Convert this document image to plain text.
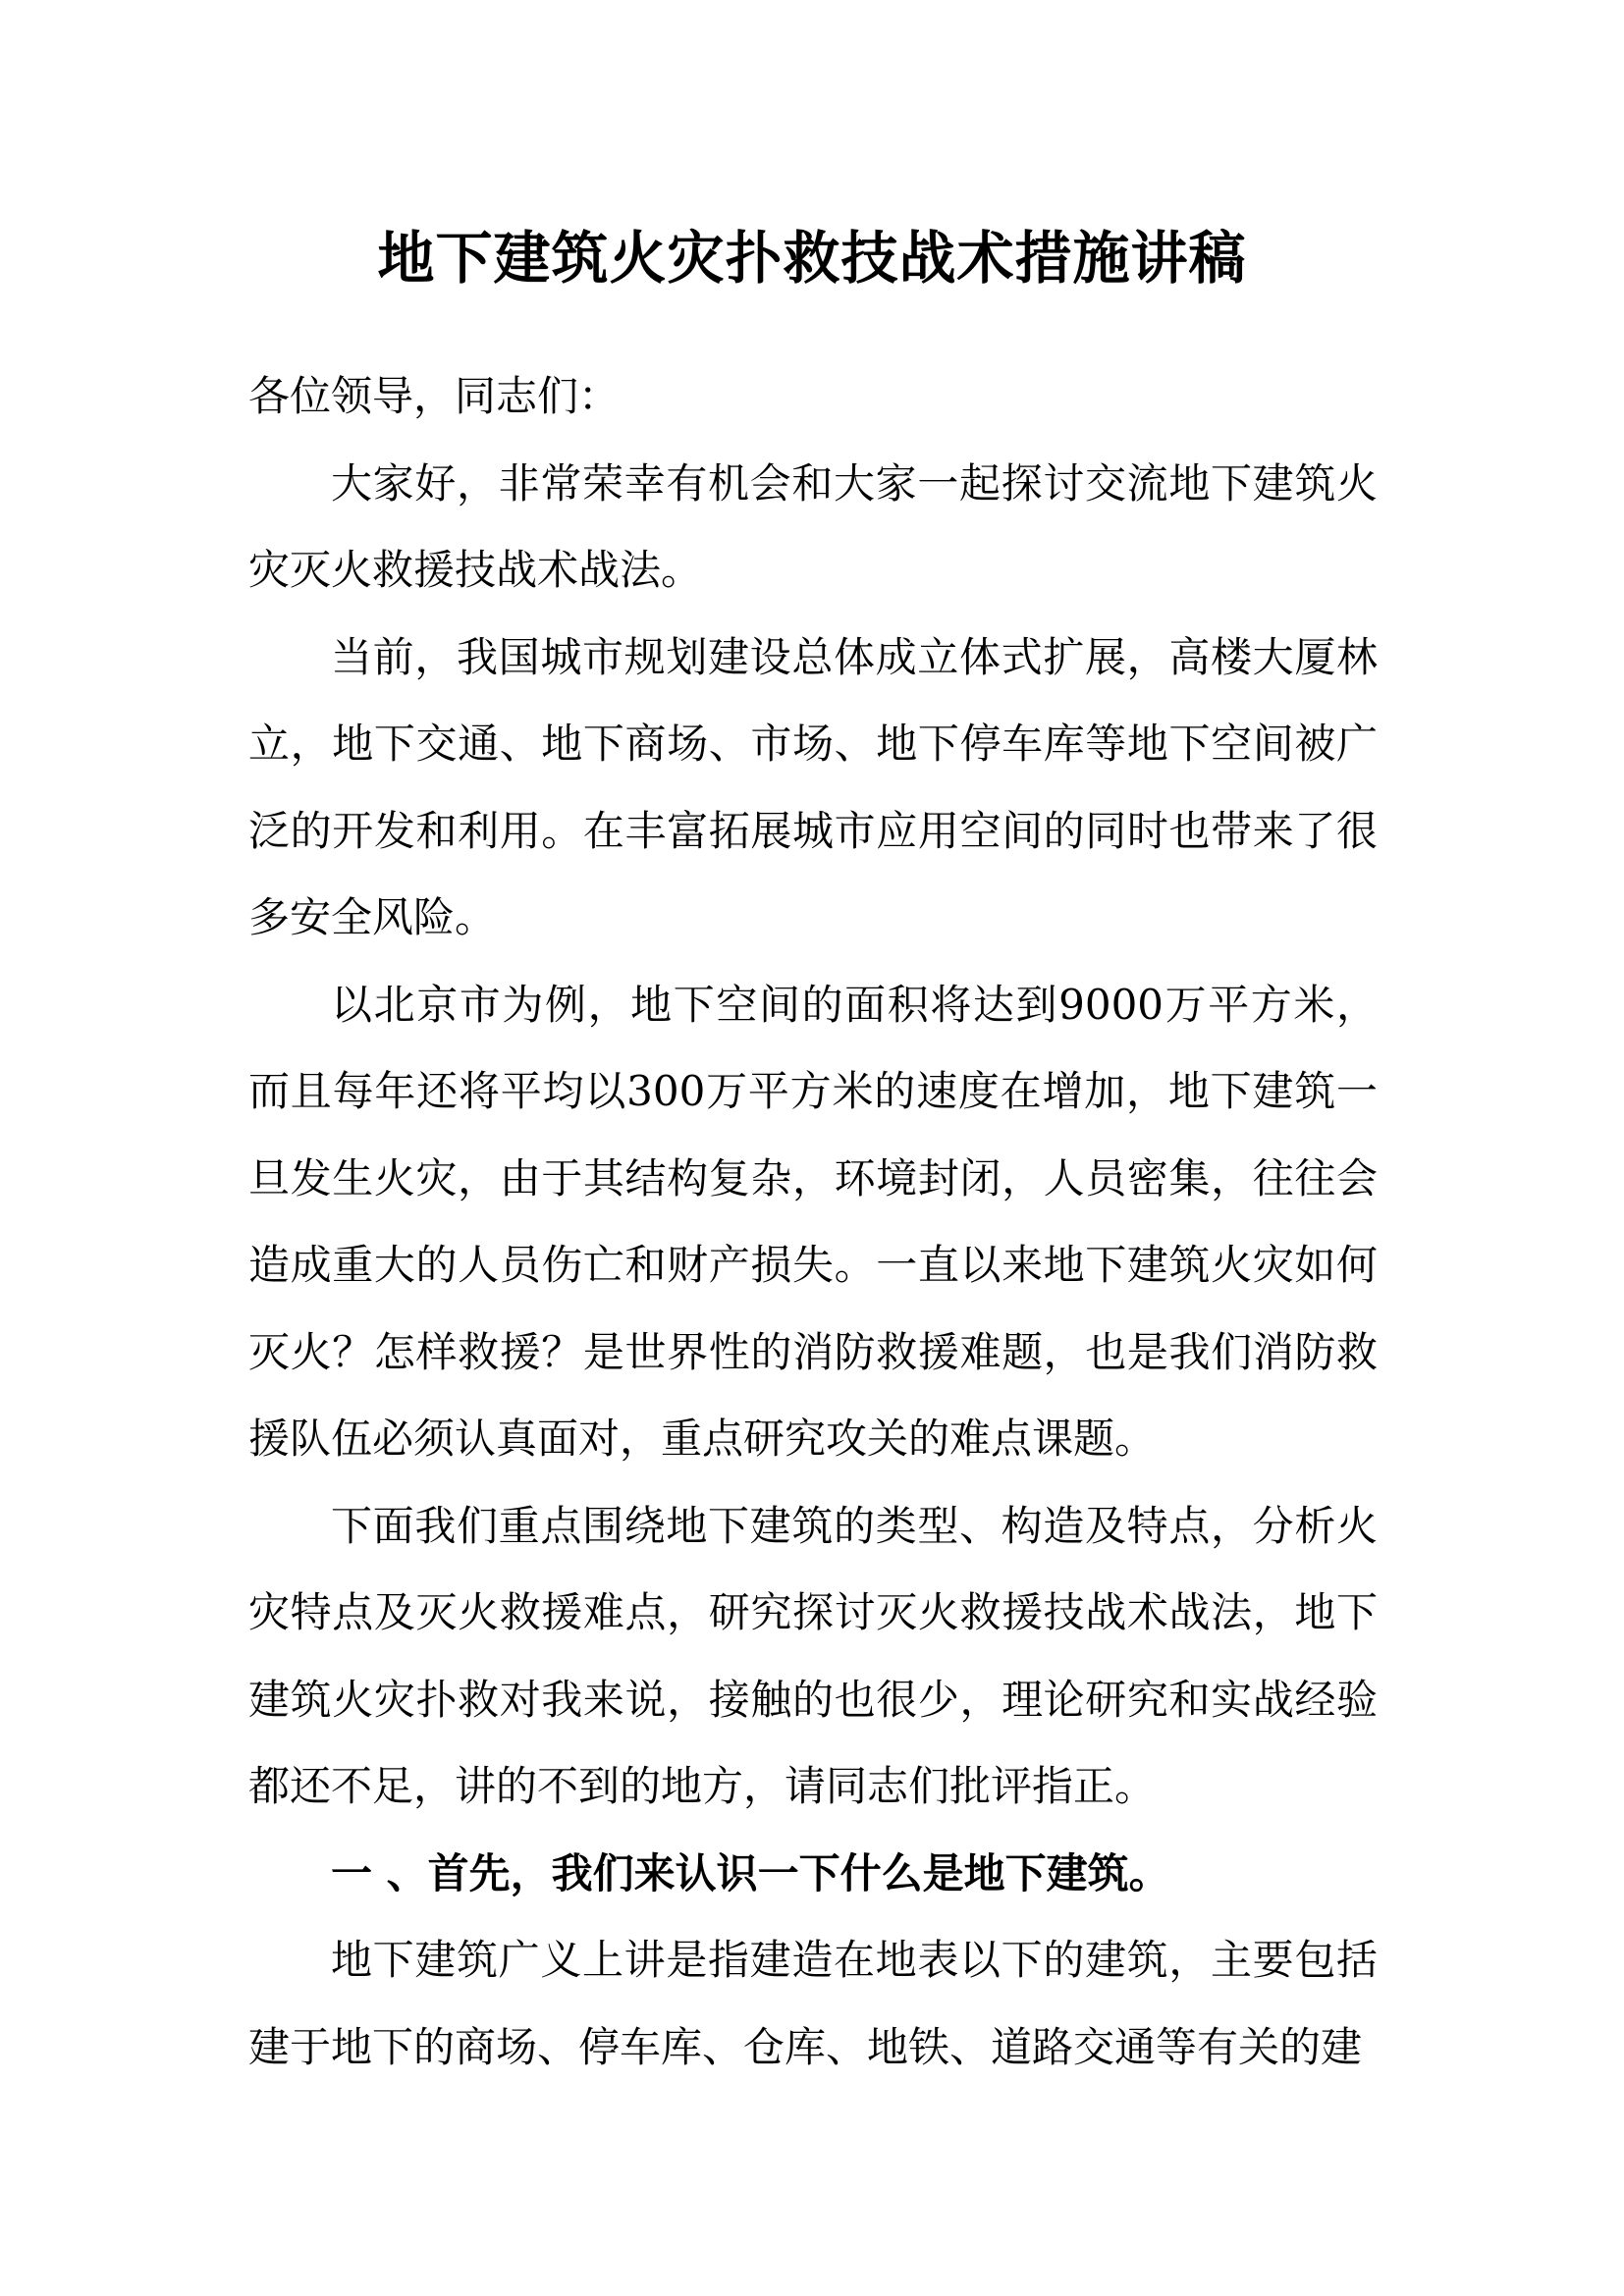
地下建筑火灾扑救技战术措施讲稿

各位领导，同志们：

大家好，非常荣幸有机会和大家一起探讨交流地下建筑火灾灭火救援技战术战法。

当前，我国城市规划建设总体成立体式扩展，高楼大厦林立，地下交通、地下商场、市场、地下停车库等地下空间被广泛的开发和利用。在丰富拓展城市应用空间的同时也带来了很多安全风险。

以北京市为例，地下空间的面积将达到9000万平方米，而且每年还将平均以300万平方米的速度在增加，地下建筑一旦发生火灾，由于其结构复杂，环境封闭，人员密集，往往会造成重大的人员伤亡和财产损失。一直以来地下建筑火灾如何灭火？怎样救援？是世界性的消防救援难题，也是我们消防救援队伍必须认真面对，重点研究攻关的难点课题。

下面我们重点围绕地下建筑的类型、构造及特点，分析火灾特点及灭火救援难点，研究探讨灭火救援技战术战法，地下建筑火灾扑救对我来说，接触的也很少，理论研究和实战经验都还不足，讲的不到的地方，请同志们批评指正。

一 、首先，我们来认识一下什么是地下建筑。

地下建筑广义上讲是指建造在地表以下的建筑，主要包括建于地下的商场、停车库、仓库、地铁、道路交通等有关的建
